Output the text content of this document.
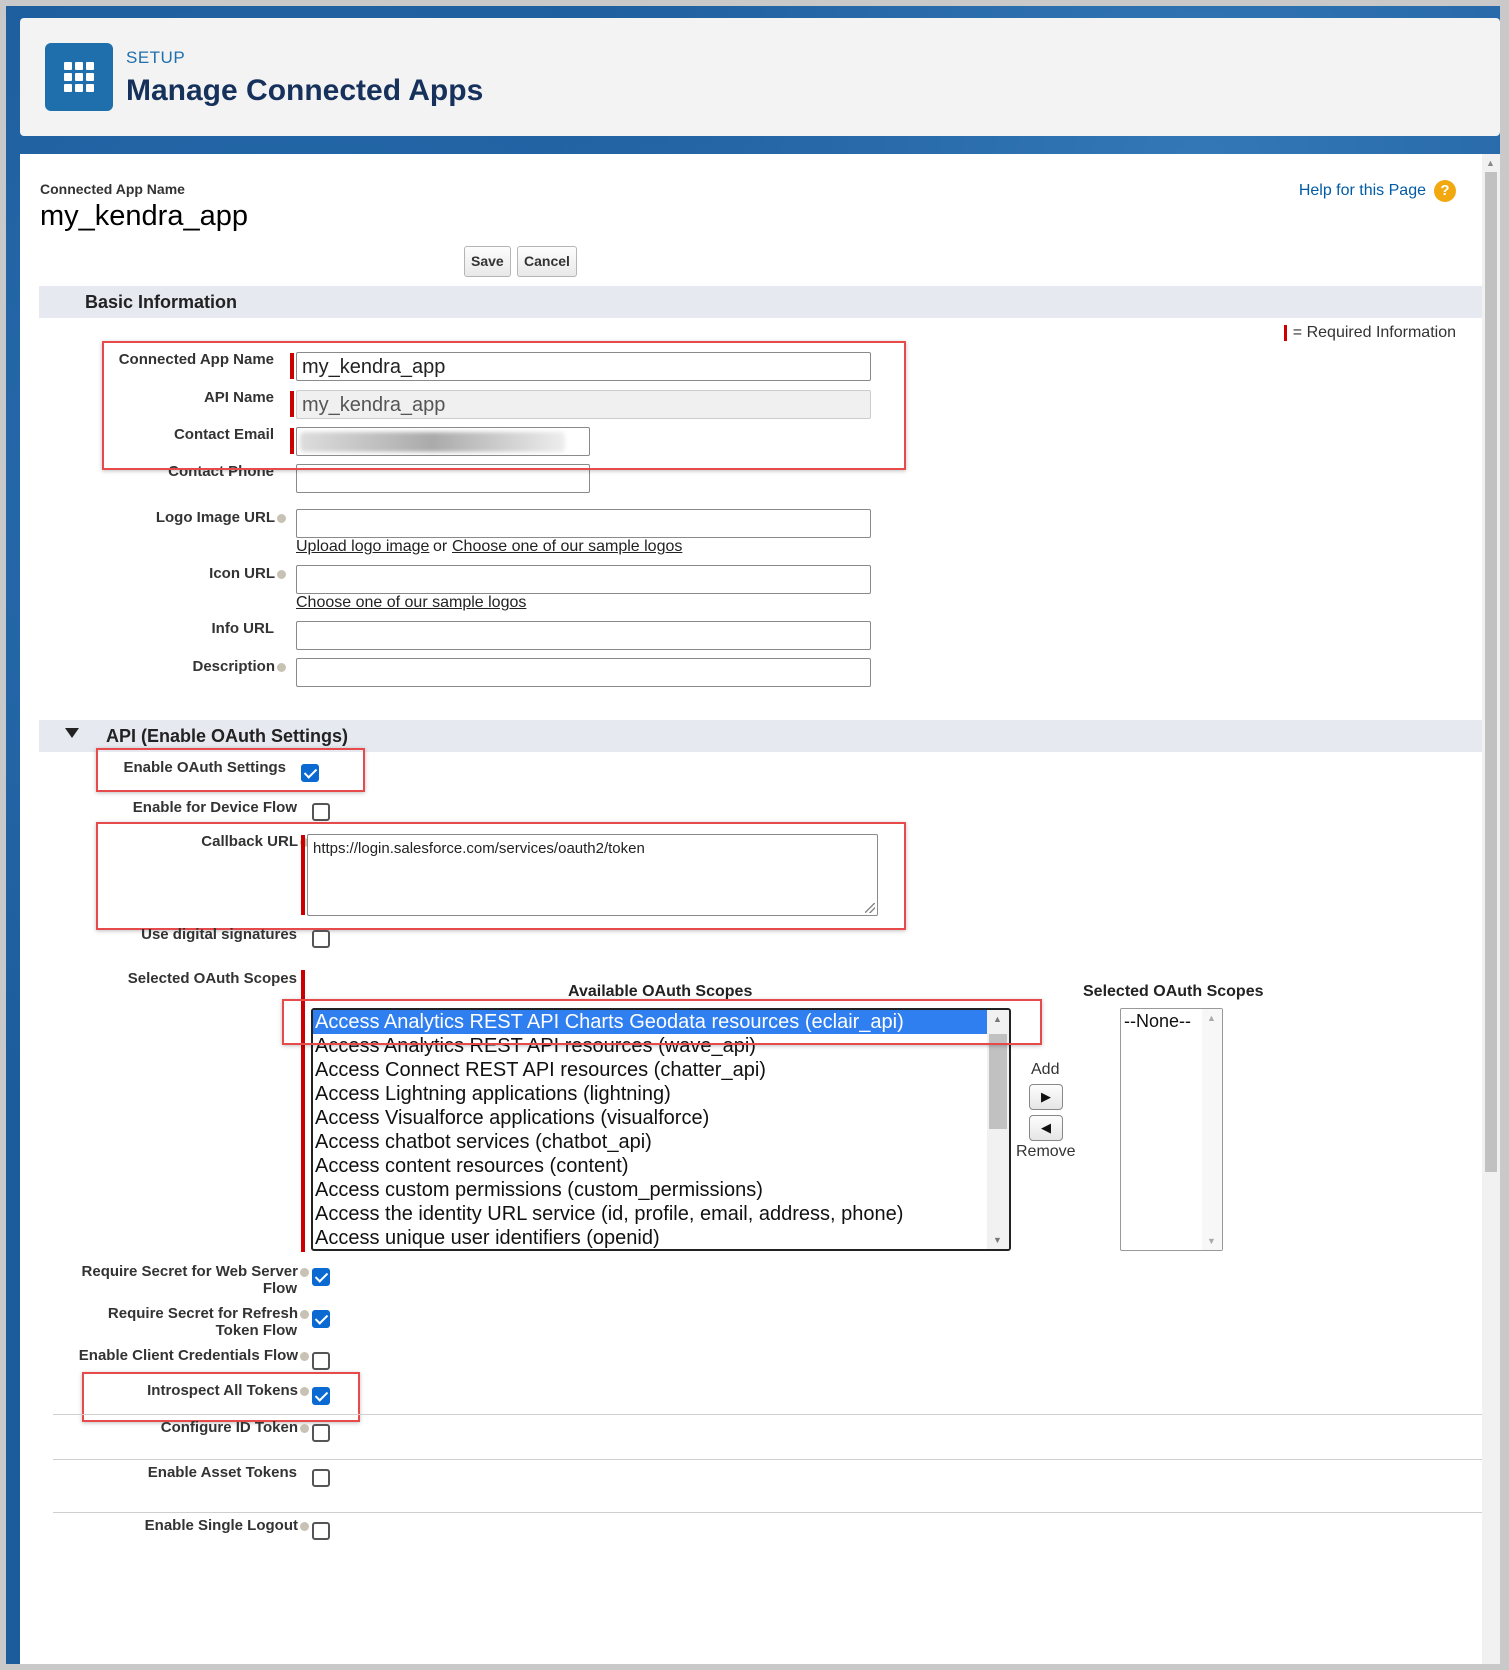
SETUP
Manage Connected Apps
▲
Connected App Name
my_kendra_app
Help for this Page ?
Save	Cancel
Basic Information
= Required Information
Connected App Name	my_kendra_app
API Name	my_kendra_app
Contact Email
Contact Phone
Logo Image URL
Upload logo image or Choose one of our sample logos
Icon URL
Choose one of our sample logos
Info URL
Description
API (Enable OAuth Settings)
Enable OAuth Settings
Enable for Device Flow
Callback URL	https://login.salesforce.com/services/oauth2/token
Use digital signatures
Selected OAuth Scopes
Available OAuth Scopes	Selected OAuth Scopes
Access Analytics REST API Charts Geodata resources (eclair_api)
Access Analytics REST API resources (wave_api)
Access Connect REST API resources (chatter_api)
Access Lightning applications (lightning)
Access Visualforce applications (visualforce)
Access chatbot services (chatbot_api)
Access content resources (content)
Access custom permissions (custom_permissions)
Access the identity URL service (id, profile, email, address, phone)
Access unique user identifiers (openid)
▲
▼
Add
▶
◀
Remove
--None--	▲
▼
Require Secret for Web Server
Flow
Require Secret for Refresh
Token Flow
Enable Client Credentials Flow
Introspect All Tokens
Configure ID Token
Enable Asset Tokens
Enable Single Logout
